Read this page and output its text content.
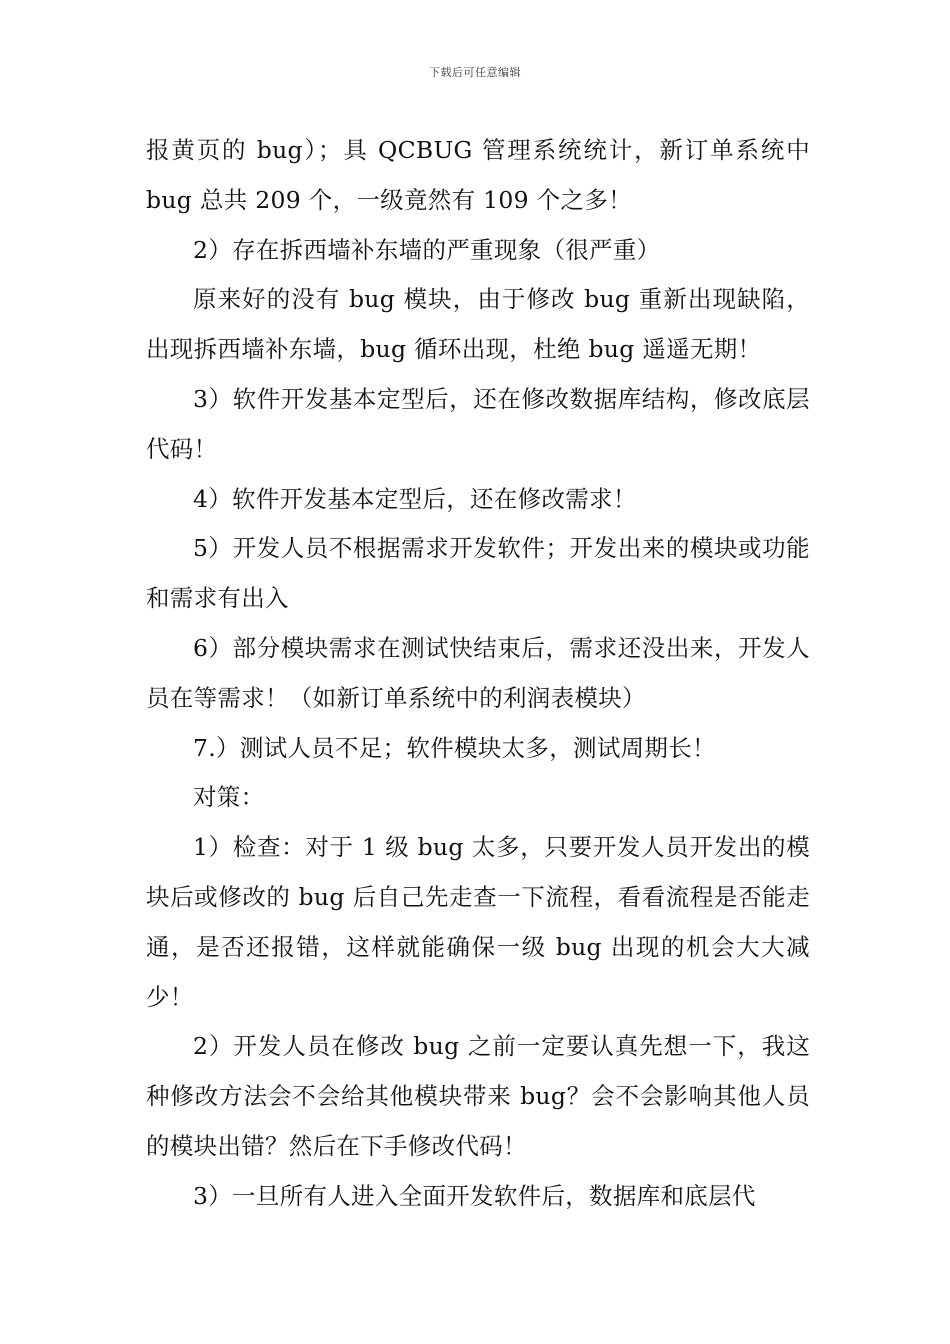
下载后可任意编辑

报黄页的 bug）；具 QCBUG 管理系统统计，新订单系统中 bug 总共 209 个，一级竟然有 109 个之多！

2）存在拆西墙补东墙的严重现象（很严重）

原来好的没有 bug 模块，由于修改 bug 重新出现缺陷，出现拆西墙补东墙，bug 循环出现，杜绝 bug 遥遥无期！

3）软件开发基本定型后，还在修改数据库结构，修改底层代码！

4）软件开发基本定型后，还在修改需求！

5）开发人员不根据需求开发软件；开发出来的模块或功能和需求有出入

6）部分模块需求在测试快结束后，需求还没出来，开发人员在等需求！（如新订单系统中的利润表模块）

7.）测试人员不足；软件模块太多，测试周期长！

对策：

1）检查：对于 1 级 bug 太多，只要开发人员开发出的模块后或修改的 bug 后自己先走查一下流程，看看流程是否能走通，是否还报错，这样就能确保一级 bug 出现的机会大大减少！

2）开发人员在修改 bug 之前一定要认真先想一下，我这种修改方法会不会给其他模块带来 bug？会不会影响其他人员的模块出错？然后在下手修改代码！

3）一旦所有人进入全面开发软件后，数据库和底层代
